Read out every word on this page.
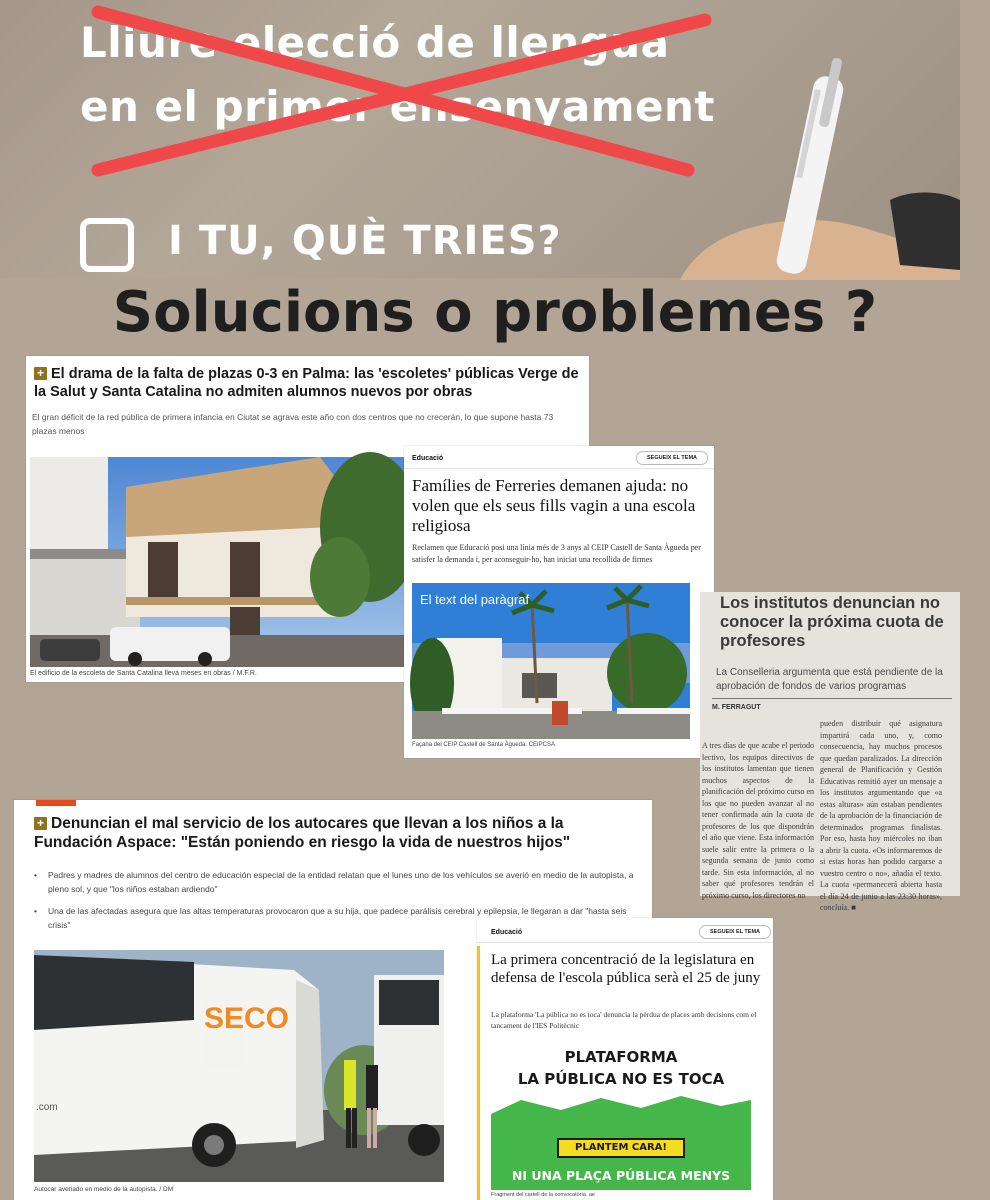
Lliure elecció de llengua
en el primer ensenyament
I TU, QUÈ TRIES?
Solucions o problemes ?
+ El drama de la falta de plazas 0-3 en Palma: las 'escoletes' públicas Verge de la Salut y Santa Catalina no admiten alumnos nuevos por obras
El gran déficit de la red pública de primera infancia en Ciutat se agrava este año con dos centros que no crecerán, lo que supone hasta 73 plazas menos
El edificio de la escoleta de Santa Catalina lleva meses en obras / M.F.R.
Educació	SEGUEIX EL TEMA
Famílies de Ferreries demanen ajuda: no volen que els seus fills vagin a una escola religiosa
Reclamen que Educació posi una línia més de 3 anys al CEIP Castell de Santa Àgueda per satisfer la demanda i, per aconseguir-ho, han iniciat una recollida de firmes
El text del paràgraf
Façana del CEIP Castell de Santa Àgueda. CEIPCSA
Los institutos denuncian no conocer la próxima cuota de profesores
La Conselleria argumenta que está pendiente de la aprobación de fondos de varios programas
M. FERRAGUT
A tres días de que acabe el periodo lectivo, los equipos directivos de los institutos lamentan que tienen muchos aspectos de la planificación del próximo curso en los que no pueden avanzar al no tener confirmada aún la cuota de profesores de los que dispondrán el año que viene. Esta información suele salir entre la primera o la segunda semana de junio como tarde. Sin esta información, al no saber qué profesores tendrán el próximo curso, los directores no
pueden distribuir qué asignatura impartirá cada uno, y, como consecuencia, hay muchos procesos que quedan paralizados. La dirección general de Planificación y Gestión Educativas remitió ayer un mensaje a los institutos argumentando que «a estas alturas» aún estaban pendientes de la aprobación de la financiación de determinados programas finalistas. Por eso, hasta hoy miércoles no iban a abrir la cuota. «Os informaremos de si estas horas han podido cargarse a vuestro centro o no», añadía el texto. La cuota «permanecerá abierta hasta el día 24 de junio a las 23:30 horas», concluía. ■
+ Denuncian el mal servicio de los autocares que llevan a los niños a la Fundación Aspace: "Están poniendo en riesgo la vida de nuestros hijos"
• Padres y madres de alumnos del centro de educación especial de la entidad relatan que el lunes uno de los vehículos se averió en medio de la autopista, a pleno sol, y que "los niños estaban ardiendo"
• Una de las afectadas asegura que las altas temperaturas provocaron que a su hija, que padece parálisis cerebral y epilepsia, le llegaran a dar "hasta seis crisis"
SECO
.com
Autocar averiado en medio de la autopista. / DM
Educació	SEGUEIX EL TEMA
La primera concentració de la legislatura en defensa de l'escola pública serà el 25 de juny
La plataforma 'La pública no es toca' denuncia la pèrdua de places amb decisions com el tancament de l'IES Politècnic
PLATAFORMA
LA PÚBLICA NO ES TOCA
PLANTEM CARA!
NI UNA PLAÇA PÚBLICA MENYS
Fragment del cartell de la convocatòria. ae
